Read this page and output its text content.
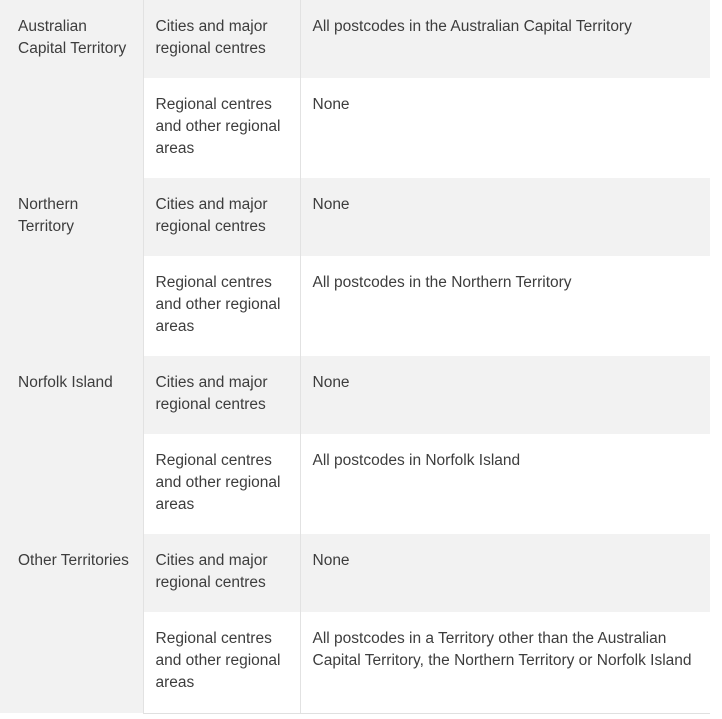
Australian Capital Territory	Cities and major regional centres	All postcodes in the Australian Capital Territory
	Regional centres and other regional areas	None
Northern Territory	Cities and major regional centres	None
	Regional centres and other regional areas	All postcodes in the Northern Territory
Norfolk Island	Cities and major regional centres	None
	Regional centres and other regional areas	All postcodes in Norfolk Island
Other Territories	Cities and major regional centres	None
	Regional centres and other regional areas	All postcodes in a Territory other than the Australian Capital Territory, the Northern Territory or Norfolk Island
